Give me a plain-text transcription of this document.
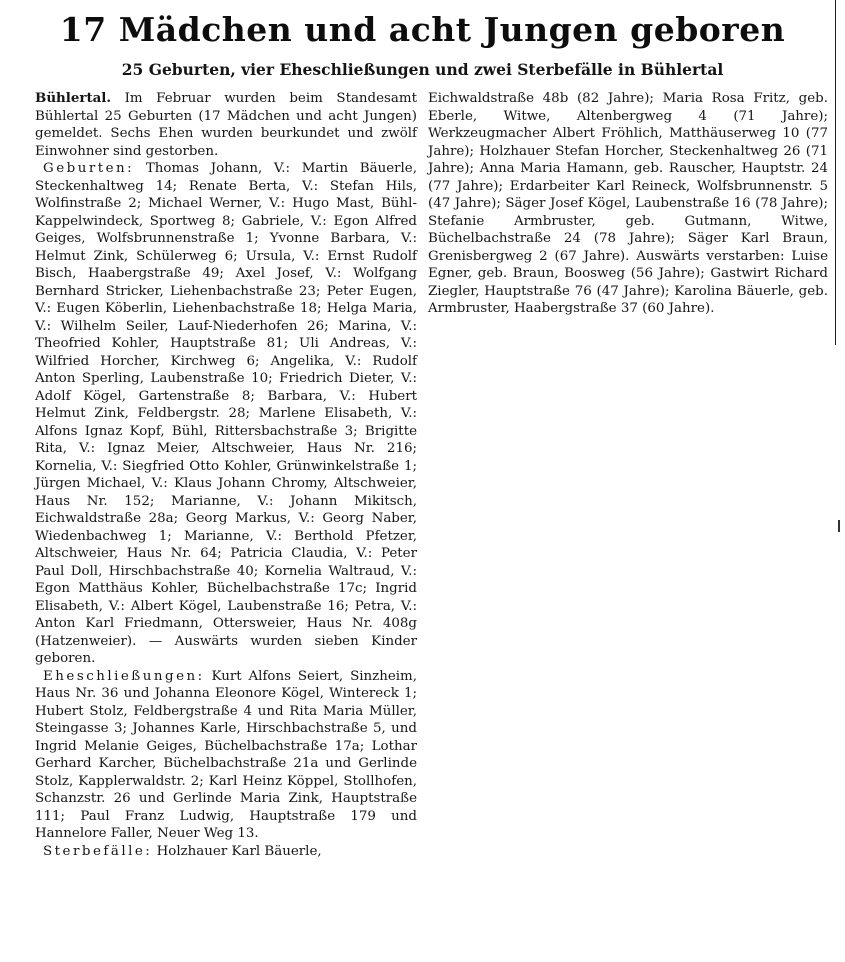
17 Mädchen und acht Jungen geboren
25 Geburten, vier Eheschließungen und zwei Sterbefälle in Bühlertal

Bühlertal. Im Februar wurden beim Standesamt Bühlertal 25 Geburten (17 Mädchen und acht Jungen) gemeldet. Sechs Ehen wurden beurkundet und zwölf Einwohner sind gestorben.

Geburten: Thomas Johann, V.: Martin Bäuerle, Steckenhaltweg 14; Renate Berta, V.: Stefan Hils, Wolfinstraße 2; Michael Werner, V.: Hugo Mast, Bühl-Kappelwindeck, Sportweg 8; Gabriele, V.: Egon Alfred Geiges, Wolfsbrunnenstraße 1; Yvonne Barbara, V.: Helmut Zink, Schülerweg 6; Ursula, V.: Ernst Rudolf Bisch, Haabergstraße 49; Axel Josef, V.: Wolfgang Bernhard Stricker, Liehenbachstraße 23; Peter Eugen, V.: Eugen Köberlin, Liehenbachstraße 18; Helga Maria, V.: Wilhelm Seiler, Lauf-Niederhofen 26; Marina, V.: Theofried Kohler, Hauptstraße 81; Uli Andreas, V.: Wilfried Horcher, Kirchweg 6; Angelika, V.: Rudolf Anton Sperling, Laubenstraße 10; Friedrich Dieter, V.: Adolf Kögel, Gartenstraße 8; Barbara, V.: Hubert Helmut Zink, Feldbergstr. 28; Marlene Elisabeth, V.: Alfons Ignaz Kopf, Bühl, Rittersbachstraße 3; Brigitte Rita, V.: Ignaz Meier, Altschweier, Haus Nr. 216; Kornelia, V.: Siegfried Otto Kohler, Grünwinkelstraße 1; Jürgen Michael, V.: Klaus Johann Chromy, Altschweier, Haus Nr. 152; Marianne, V.: Johann Mikitsch, Eichwaldstraße 28a; Georg Markus, V.: Georg Naber, Wiedenbachweg 1; Marianne, V.: Berthold Pfetzer, Altschweier, Haus Nr. 64; Patricia Claudia, V.: Peter Paul Doll, Hirschbachstraße 40; Kornelia Waltraud, V.: Egon Matthäus Kohler, Büchelbachstraße 17c; Ingrid Elisabeth, V.: Albert Kögel, Laubenstraße 16; Petra, V.: Anton Karl Friedmann, Ottersweier, Haus Nr. 408g (Hatzenweier). — Auswärts wurden sieben Kinder geboren.

Eheschließungen: Kurt Alfons Seiert, Sinzheim, Haus Nr. 36 und Johanna Eleonore Kögel, Wintereck 1; Hubert Stolz, Feldbergstraße 4 und Rita Maria Müller, Steingasse 3; Johannes Karle, Hirschbachstraße 5, und Ingrid Melanie Geiges, Büchelbachstraße 17a; Lothar Gerhard Karcher, Büchelbachstraße 21a und Gerlinde Stolz, Kapplerwaldstr. 2; Karl Heinz Köppel, Stollhofen, Schanzstr. 26 und Gerlinde Maria Zink, Hauptstraße 111; Paul Franz Ludwig, Hauptstraße 179 und Hannelore Faller, Neuer Weg 13.

Sterbefälle: Holzhauer Karl Bäuerle,

Eichwaldstraße 48b (82 Jahre); Maria Rosa Fritz, geb. Eberle, Witwe, Altenbergweg 4 (71 Jahre); Werkzeugmacher Albert Fröhlich, Matthäuserweg 10 (77 Jahre); Holzhauer Stefan Horcher, Steckenhaltweg 26 (71 Jahre); Anna Maria Hamann, geb. Rauscher, Hauptstr. 24 (77 Jahre); Erdarbeiter Karl Reineck, Wolfsbrunnenstr. 5 (47 Jahre); Säger Josef Kögel, Laubenstraße 16 (78 Jahre); Stefanie Armbruster, geb. Gutmann, Witwe, Büchelbachstraße 24 (78 Jahre); Säger Karl Braun, Grenisbergweg 2 (67 Jahre). Auswärts verstarben: Luise Egner, geb. Braun, Boosweg (56 Jahre); Gastwirt Richard Ziegler, Hauptstraße 76 (47 Jahre); Karolina Bäuerle, geb. Armbruster, Haabergstraße 37 (60 Jahre).
